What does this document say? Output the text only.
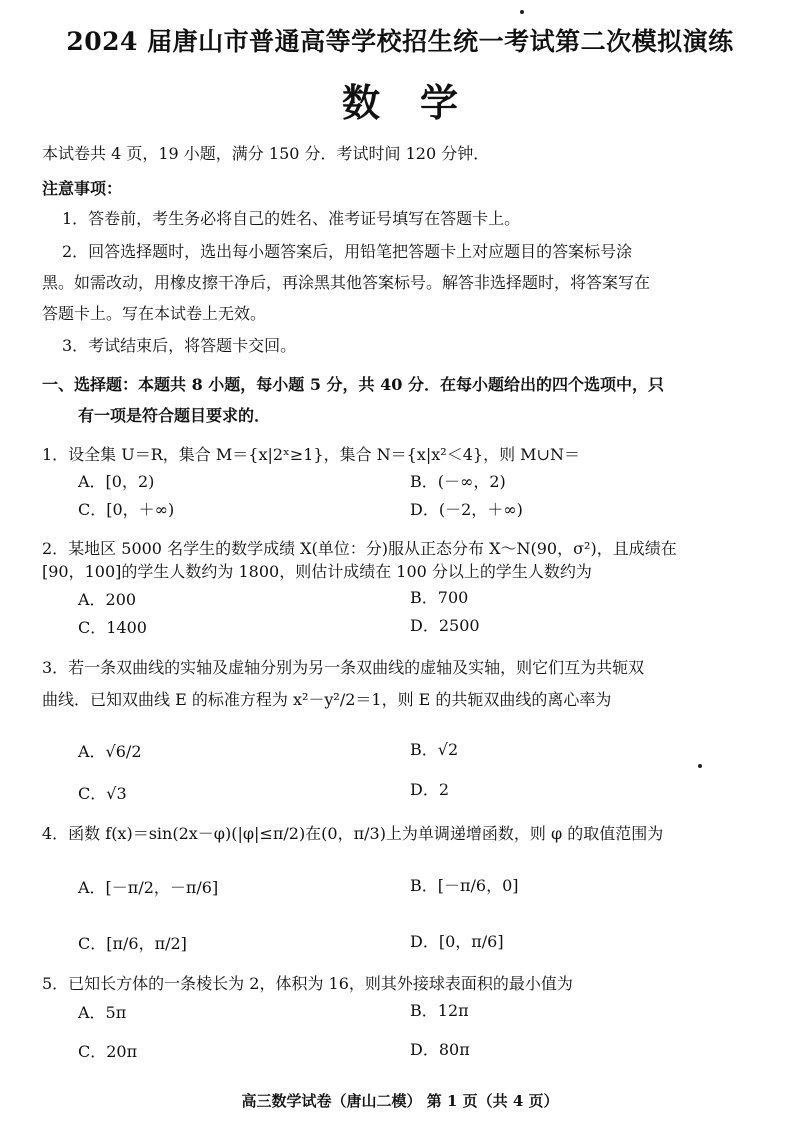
2024 届唐山市普通高等学校招生统一考试第二次模拟演练
数学
本试卷共 4 页，19 小题，满分 150 分．考试时间 120 分钟．
注意事项：
1．答卷前，考生务必将自己的姓名、准考证号填写在答题卡上。
2．回答选择题时，选出每小题答案后，用铅笔把答题卡上对应题目的答案标号涂
黑。如需改动，用橡皮擦干净后，再涂黑其他答案标号。解答非选择题时，将答案写在
答题卡上。写在本试卷上无效。
3．考试结束后，将答题卡交回。
一、选择题：本题共 8 小题，每小题 5 分，共 40 分．在每小题给出的四个选项中，只
有一项是符合题目要求的．
1．设全集 U＝R，集合 M＝{x|2ˣ≥1}，集合 N＝{x|x²＜4}，则 M∪N＝
A．[0，2)	B．(－∞，2)
C．[0，＋∞)	D．(－2，＋∞)
2．某地区 5000 名学生的数学成绩 X(单位：分)服从正态分布 X～N(90，σ²)，且成绩在
[90，100]的学生人数约为 1800，则估计成绩在 100 分以上的学生人数约为
A．200	B．700
C．1400	D．2500
3．若一条双曲线的实轴及虚轴分别为另一条双曲线的虚轴及实轴，则它们互为共轭双
曲线．已知双曲线 E 的标准方程为 x²－y²/2＝1，则 E 的共轭双曲线的离心率为
A．√6/2	B．√2
C．√3	D．2
4．函数 f(x)＝sin(2x－φ)(|φ|≤π/2)在(0，π/3)上为单调递增函数，则 φ 的取值范围为
A．[－π/2，－π/6]	B．[－π/6，0]
C．[π/6，π/2]	D．[0，π/6]
5．已知长方体的一条棱长为 2，体积为 16，则其外接球表面积的最小值为
A．5π	B．12π
C．20π	D．80π
高三数学试卷（唐山二模） 第 1 页（共 4 页）
